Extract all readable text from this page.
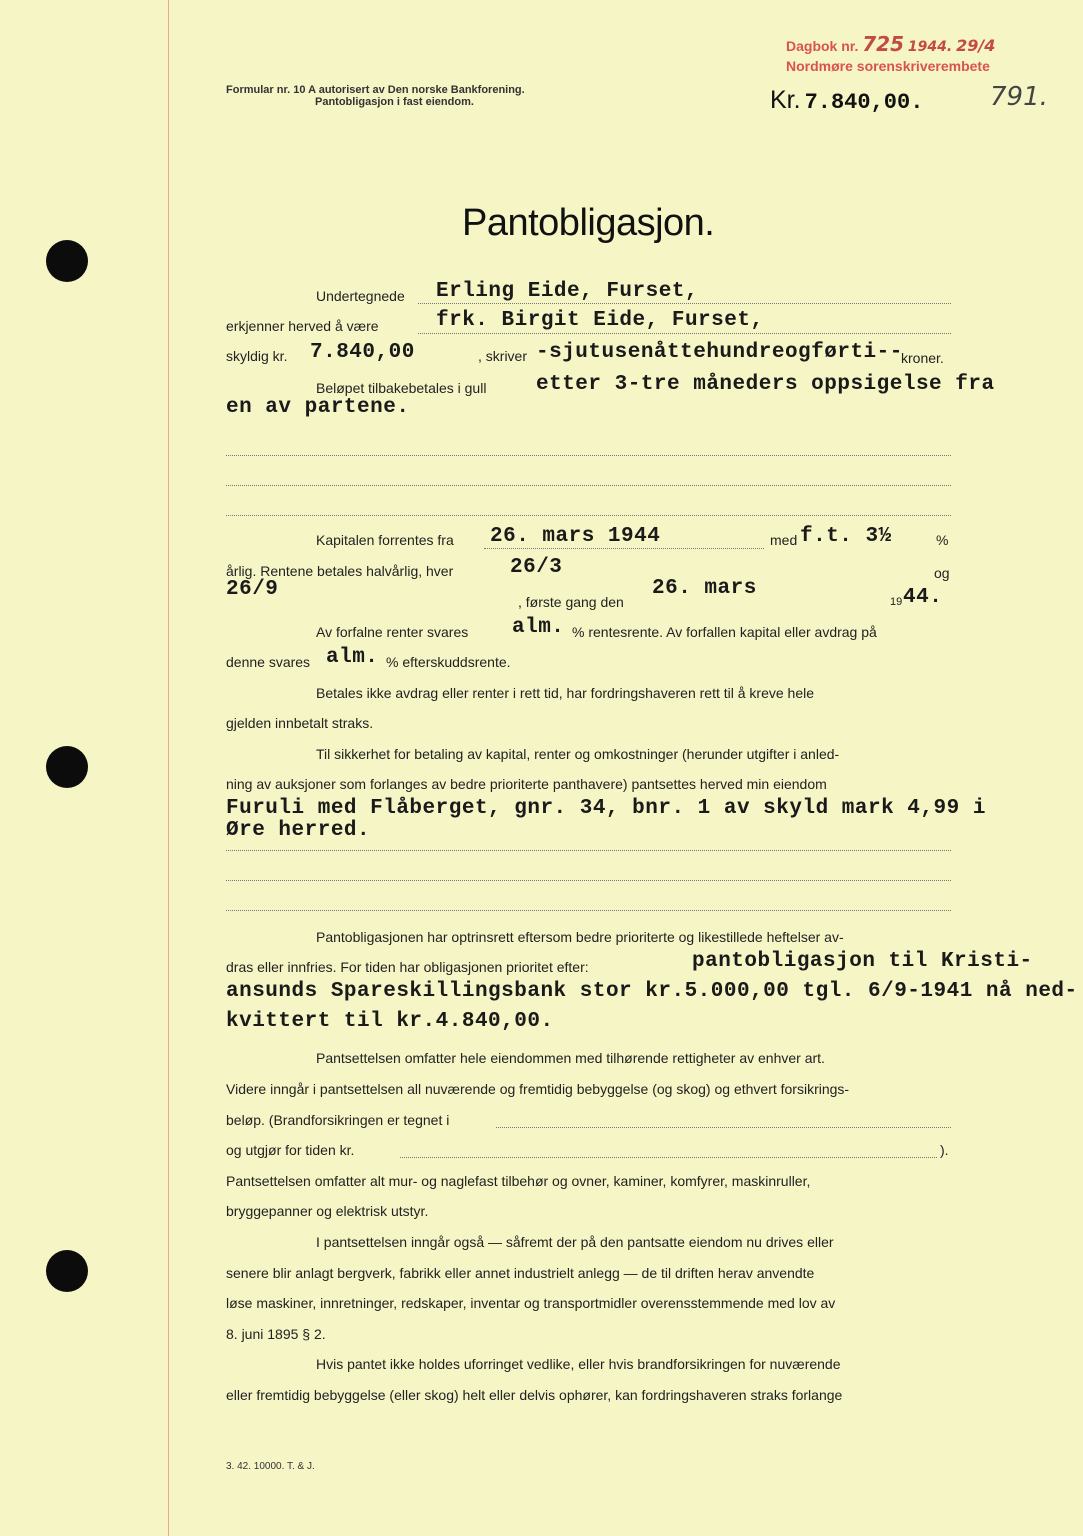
Formular nr. 10 A autorisert av Den norske Bankforening.
Pantobligasjon i fast eiendom.
Dagbok nr. 725 1944. 29/4
Nordmøre sorenskriverembete
Kr. 7.840,00.	791.
Pantobligasjon.
Undertegnede Erling Eide, Furset,
erkjenner herved å være	frk. Birgit Eide, Furset,
skyldig kr. 7.840,00	, skriver -sjutusenåttehundreogførti--
kroner.
Beløpet tilbakebetales i gull etter 3-tre måneders oppsigelse fra
en av partene.
Kapitalen forrentes fra 26. mars 1944	med f.t. 3½	%
årlig. Rentene betales halvårlig, hver	26/3	og
26/9
, første gang den
26. mars
19 44.
Av forfalne renter svares alm. % rentesrente. Av forfallen kapital eller avdrag på
denne svares alm. % efterskuddsrente.
Betales ikke avdrag eller renter i rett tid, har fordringshaveren rett til å kreve hele
gjelden innbetalt straks.
Til sikkerhet for betaling av kapital, renter og omkostninger (herunder utgifter i anled-
ning av auksjoner som forlanges av bedre prioriterte panthavere) pantsettes herved min eiendom
Furuli med Flåberget, gnr. 34, bnr. 1 av skyld mark 4,99 i
Øre herred.
Pantobligasjonen har optrinsrett eftersom bedre prioriterte og likestillede heftelser av-
dras eller innfries. For tiden har obligasjonen prioritet efter:	pantobligasjon til Kristi-
ansunds Spareskillingsbank stor kr.5.000,00 tgl. 6/9-1941 nå ned-
kvittert til kr.4.840,00.
Pantsettelsen omfatter hele eiendommen med tilhørende rettigheter av enhver art.
Videre inngår i pantsettelsen all nuværende og fremtidig bebyggelse (og skog) og ethvert forsikrings-
beløp. (Brandforsikringen er tegnet i
og utgjør for tiden kr.	).
Pantsettelsen omfatter alt mur- og naglefast tilbehør og ovner, kaminer, komfyrer, maskinruller,
bryggepanner og elektrisk utstyr.
I pantsettelsen inngår også — såfremt der på den pantsatte eiendom nu drives eller
senere blir anlagt bergverk, fabrikk eller annet industrielt anlegg — de til driften herav anvendte
løse maskiner, innretninger, redskaper, inventar og transportmidler overensstemmende med lov av
8. juni 1895 § 2.
Hvis pantet ikke holdes uforringet vedlike, eller hvis brandforsikringen for nuværende
eller fremtidig bebyggelse (eller skog) helt eller delvis ophører, kan fordringshaveren straks forlange
3. 42. 10000. T. & J.
